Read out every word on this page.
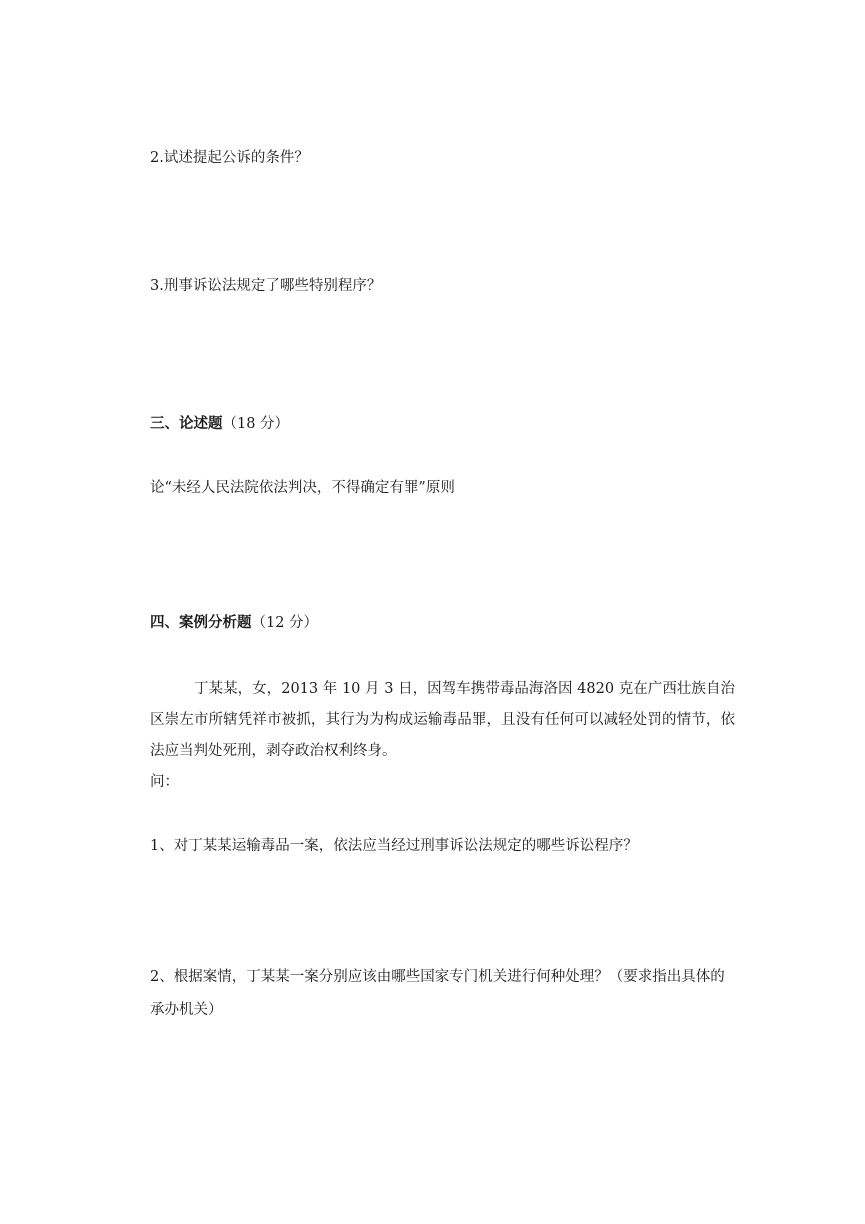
2.试述提起公诉的条件？

3.刑事诉讼法规定了哪些特别程序？

三、论述题（18 分）

论“未经人民法院依法判决，不得确定有罪”原则

四、案例分析题（12 分）

丁某某，女，2013 年 10 月 3 日，因驾车携带毒品海洛因 4820 克在广西壮族自治区崇左市所辖凭祥市被抓，其行为为构成运输毒品罪，且没有任何可以减轻处罚的情节，依法应当判处死刑，剥夺政治权利终身。

问：

1、对丁某某运输毒品一案，依法应当经过刑事诉讼法规定的哪些诉讼程序？

2、根据案情，丁某某一案分别应该由哪些国家专门机关进行何种处理？（要求指出具体的承办机关）
